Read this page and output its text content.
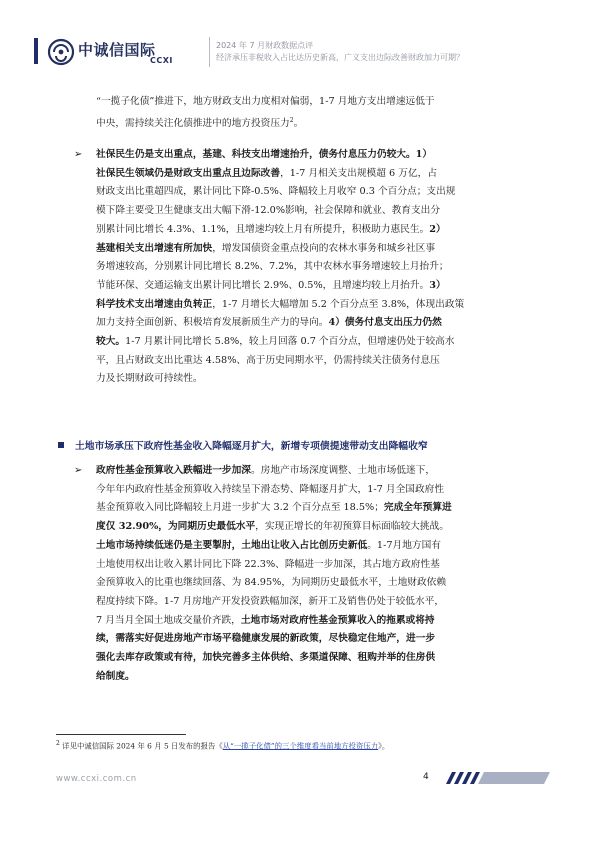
中诚信国际
CCXI
2024 年 7 月财政数据点评
经济承压非税收入占比达历史新高，广义支出边际改善财政加力可期？
“一揽子化债”推进下，地方财政支出力度相对偏弱，1-7 月地方支出增速远低于
中央，需持续关注化债推进中的地方投资压力$^2$。
➢ 社保民生仍是支出重点，基建、科技支出增速抬升，债务付息压力仍较大。1）
社保民生领域仍是财政支出重点且边际改善，1-7 月相关支出规模超 6 万亿，占
财政支出比重超四成，累计同比下降-0.5%、降幅较上月收窄 0.3 个百分点；支出规
模下降主要受卫生健康支出大幅下滑-12.0%影响，社会保障和就业、教育支出分
别累计同比增长 4.3%、1.1%，且增速均较上月有所提升，积极助力惠民生。2）
基建相关支出增速有所加快，增发国债资金重点投向的农林水事务和城乡社区事
务增速较高，分别累计同比增长 8.2%、7.2%，其中农林水事务增速较上月抬升；
节能环保、交通运输支出累计同比增长 2.9%、0.5%，且增速均较上月抬升。3）
科学技术支出增速由负转正，1-7 月增长大幅增加 5.2 个百分点至 3.8%，体现出政策
加力支持全面创新、积极培育发展新质生产力的导向。4）债务付息支出压力仍然
较大。1-7 月累计同比增长 5.8%，较上月回落 0.7 个百分点，但增速仍处于较高水
平，且占财政支出比重达 4.58%、高于历史同期水平，仍需持续关注债务付息压
力及长期财政可持续性。
土地市场承压下政府性基金收入降幅逐月扩大，新增专项债提速带动支出降幅收窄
➢ 政府性基金预算收入跌幅进一步加深。房地产市场深度调整、土地市场低迷下，
今年年内政府性基金预算收入持续呈下滑态势、降幅逐月扩大，1-7 月全国政府性
基金预算收入同比降幅较上月进一步扩大 3.2 个百分点至 18.5%；完成全年预算进
度仅 32.90%，为同期历史最低水平，实现正增长的年初预算目标面临较大挑战。
土地市场持续低迷仍是主要掣肘，土地出让收入占比创历史新低。1-7月地方国有
土地使用权出让收入累计同比下降 22.3%、降幅进一步加深，其占地方政府性基
金预算收入的比重也继续回落、为 84.95%，为同期历史最低水平，土地财政依赖
程度持续下降。1-7 月房地产开发投资跌幅加深，新开工及销售仍处于较低水平，
7 月当月全国土地成交量价齐跌，土地市场对政府性基金预算收入的拖累或将持
续，需落实好促进房地产市场平稳健康发展的新政策，尽快稳定住地产，进一步
强化去库存政策或有待，加快完善多主体供给、多渠道保障、租购并举的住房供
给制度。
$^2$ 详见中诚信国际 2024 年 6 月 5 日发布的报告《从“一揽子化债”的三个维度看当前地方投资压力》。
www.ccxi.com.cn	4
